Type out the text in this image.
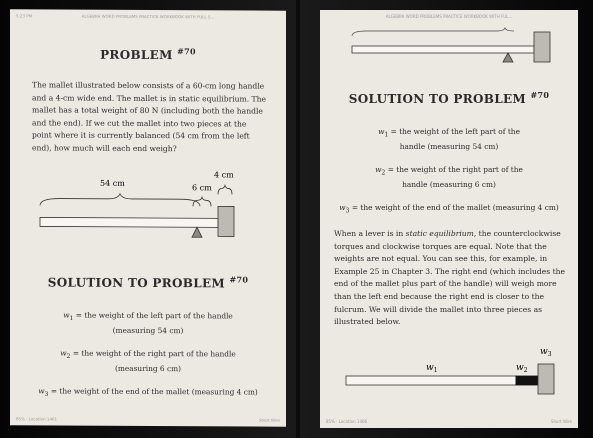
5:23 PM	ALGEBRA WORD PROBLEMS PRACTICE WORKBOOK WITH FULL S...
PROBLEM $^{\#70}$

The mallet illustrated below consists of a 60-cm long handle and a 4-cm wide end. The mallet is in static equilibrium. The mallet has a total weight of 80 N (including both the handle and the end). If we cut the mallet into two pieces at the point where it is currently balanced (54 cm from the left end), how much will each end weigh?

54 cm	6 cm
4 cm
SOLUTION TO PROBLEM $^{\#70}$
$w_1$ = the weight of the left part of the handle (measuring 54 cm)
$w_2$ = the weight of the right part of the handle (measuring 6 cm)
$w_3$ = the weight of the end of the mallet (measuring 4 cm)
85% · Location 1461	Short Wire
ALGEBRA WORD PROBLEMS PRACTICE WORKBOOK WITH FUL...
SOLUTION TO PROBLEM $^{\#70}$
$w_1$ = the weight of the left part of the handle (measuring 54 cm)
$w_2$ = the weight of the right part of the handle (measuring 6 cm)
$w_3$ = the weight of the end of the mallet (measuring 4 cm)

When a lever is in static equilibrium, the counterclockwise torques and clockwise torques are equal. Note that the weights are not equal. You can see this, for example, in Example 25 in Chapter 3. The right end (which includes the end of the mallet plus part of the handle) will weigh more than the left end because the right end is closer to the fulcrum. We will divide the mallet into three pieces as illustrated below.

$w_1$	$w_2$
$w_3$
85% · Location 1466	Short Wire
